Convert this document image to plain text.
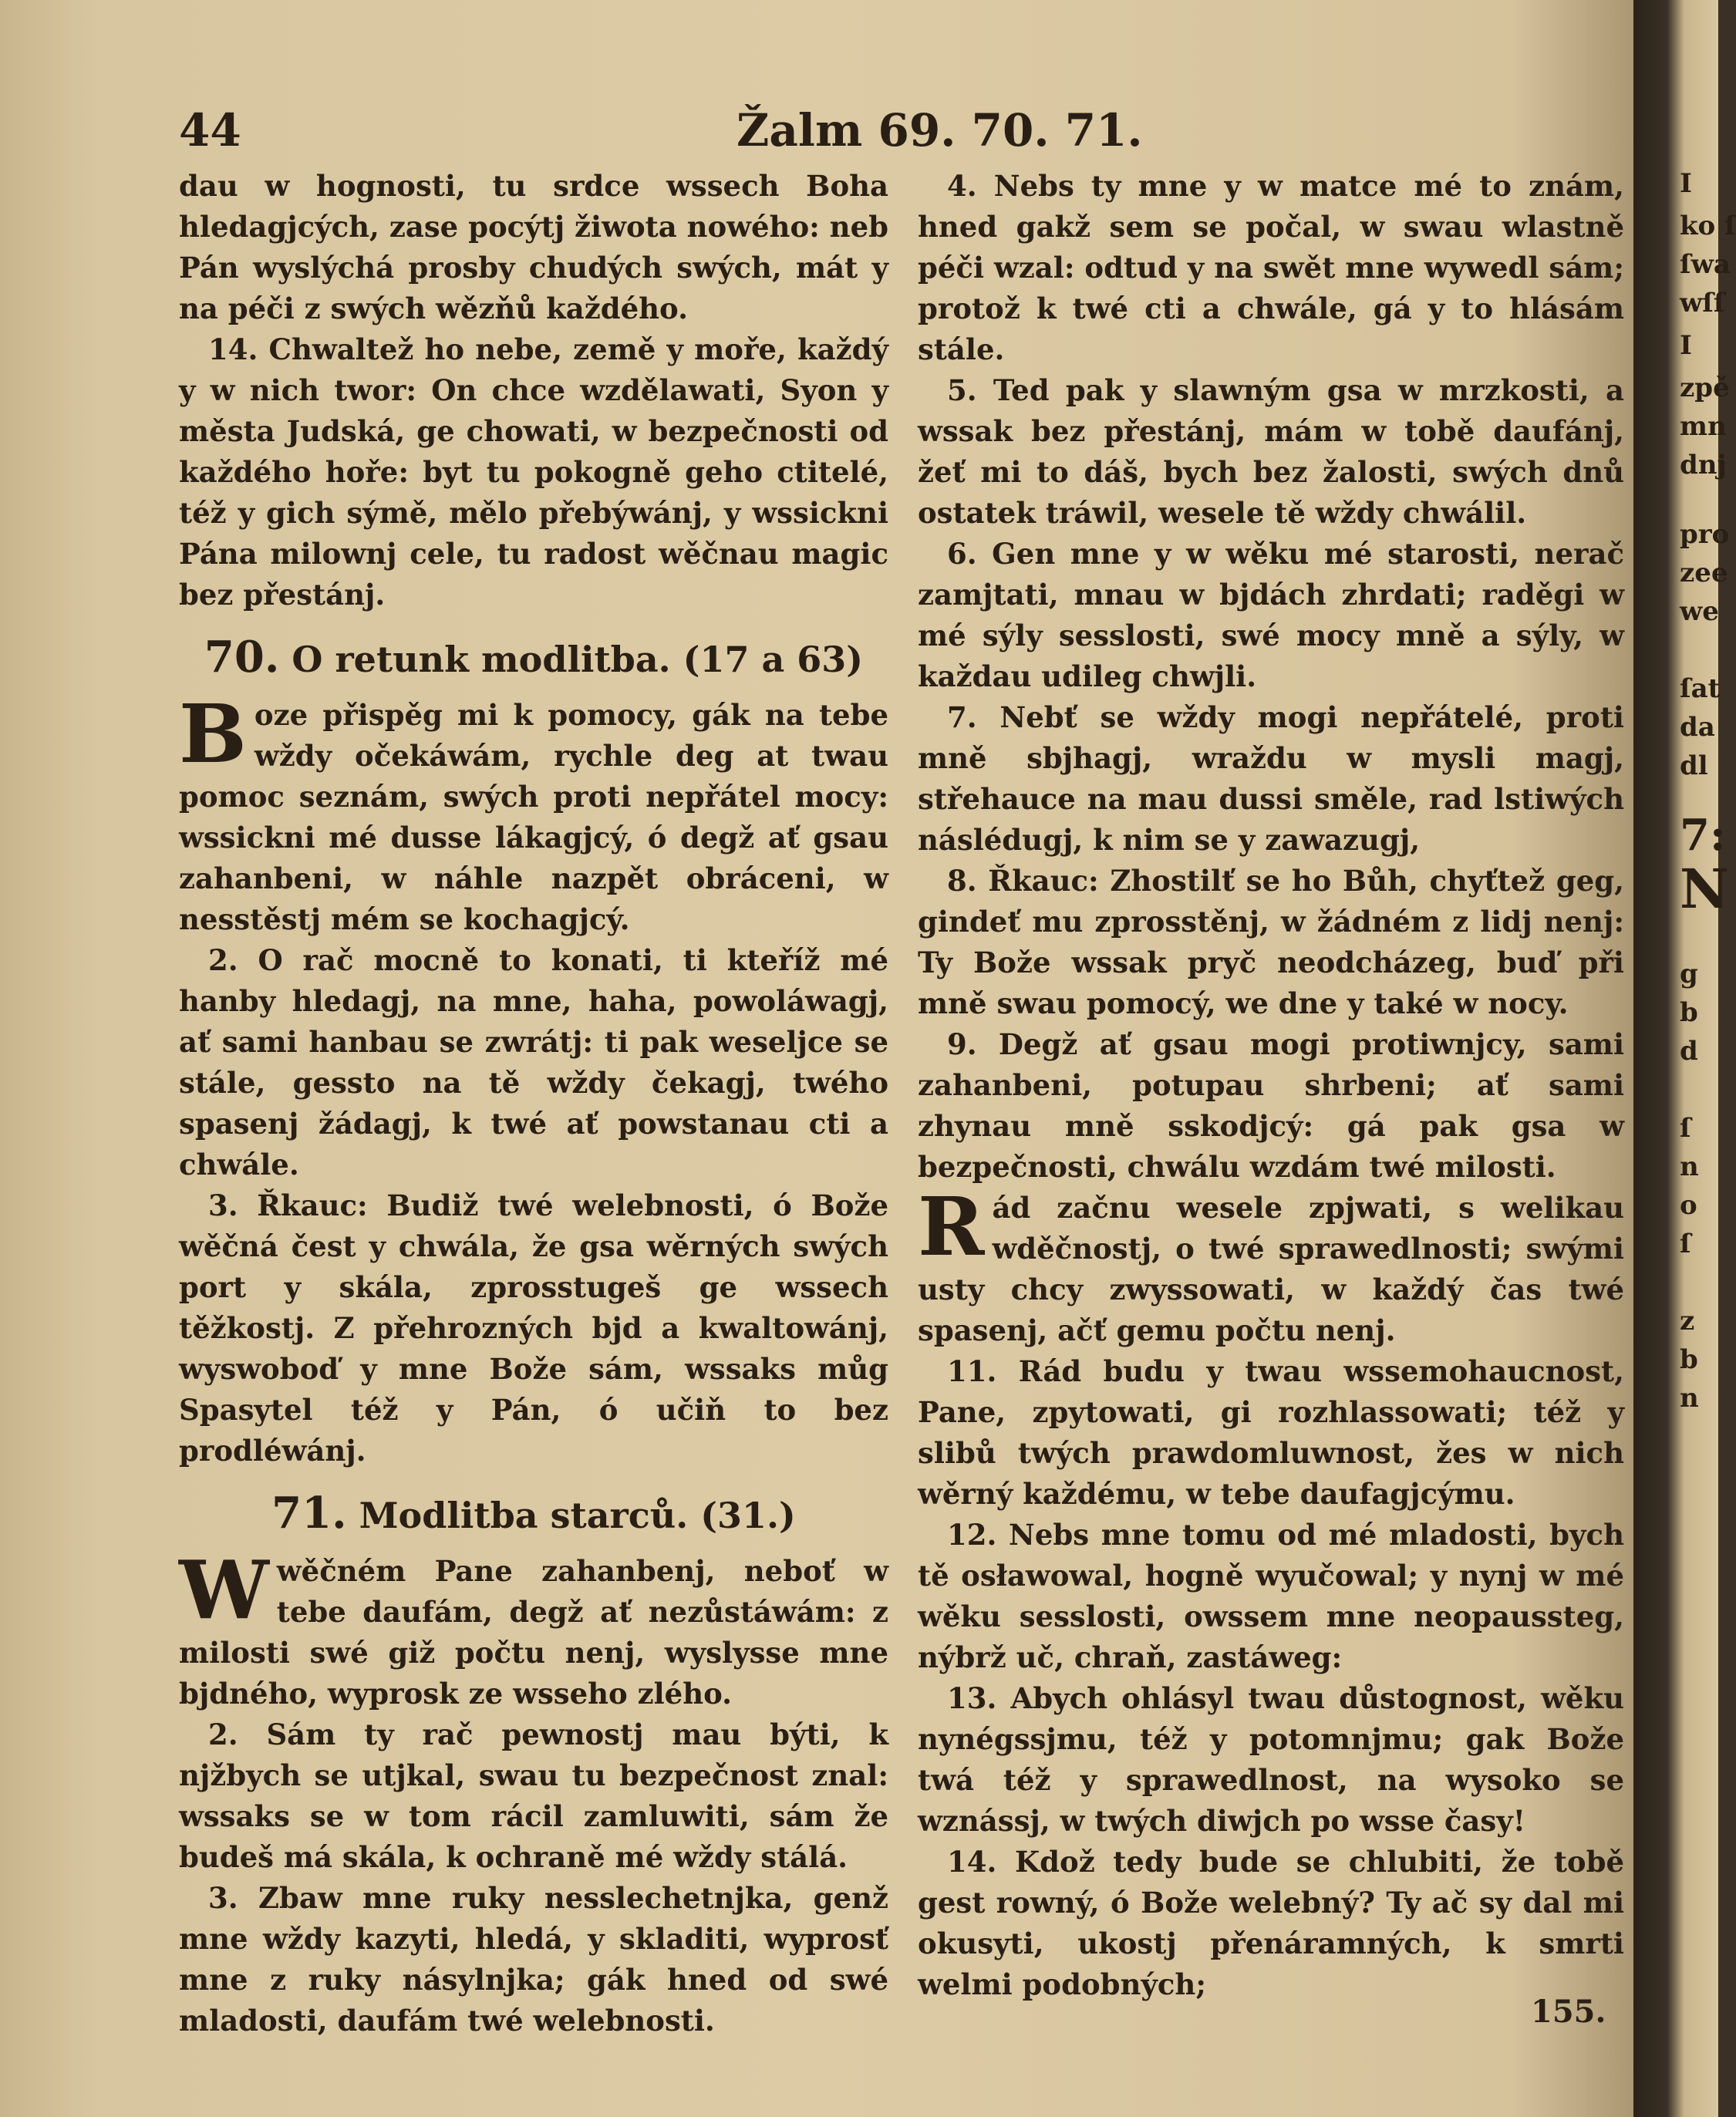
44	Žalm 69. 70. 71.

dau w hognosti, tu srdce wssech Boha hledagjcých, zase pocýtj žiwota nowého: neb Pán wyslýchá prosby chudých swých, mát y na péči z swých wězňů každého.

14. Chwaltež ho nebe, země y moře, každý y w nich twor: On chce wzdělawati, Syon y města Judská, ge chowati, w bezpečnosti od každého hoře: byt tu pokogně geho ctitelé, též y gich sýmě, mělo přebýwánj, y wssickni Pána milownj cele, tu radost wěčnau magic bez přestánj.

70. O retunk modlitba. (17 a 63)

Boze přispěg mi k pomocy, gák na tebe wždy očekáwám, rychle deg at twau pomoc seznám, swých proti nepřátel mocy: wssickni mé dusse lákagjcý, ó degž ať gsau zahanbeni, w náhle nazpět obráceni, w nesstěstj mém se kochagjcý.

2. O rač mocně to konati, ti kteříž mé hanby hledagj, na mne, haha, powoláwagj, ať sami hanbau se zwrátj: ti pak weseljce se stále, gessto na tě wždy čekagj, twého spasenj žádagj, k twé ať powstanau cti a chwále.

3. Řkauc: Budiž twé welebnosti, ó Bože wěčná čest y chwála, že gsa wěrných swých port y skála, zprosstugeš ge wssech těžkostj. Z přehrozných bjd a kwaltowánj, wyswoboď y mne Bože sám, wssaks můg Spasytel též y Pán, ó učiň to bez prodléwánj.

71. Modlitba starců. (31.)

Wwěčném Pane zahanbenj, neboť w tebe daufám, degž ať nezůstáwám: z milosti swé giž počtu nenj, wyslysse mne bjdného, wyprosk ze wsseho zlého.

2. Sám ty rač pewnostj mau býti, k njžbych se utjkal, swau tu bezpečnost znal: wssaks se w tom rácil zamluwiti, sám že budeš má skála, k ochraně mé wždy stálá.

3. Zbaw mne ruky nesslechetnjka, genž mne wždy kazyti, hledá, y skladiti, wyprosť mne z ruky násylnjka; gák hned od swé mladosti, daufám twé welebnosti.

4. Nebs ty mne y w matce mé to znám, hned gakž sem se počal, w swau wlastně péči wzal: odtud y na swět mne wywedl sám; protož k twé cti a chwále, gá y to hlásám stále.

5. Ted pak y slawným gsa w mrzkosti, a wssak bez přestánj, mám w tobě daufánj, žeť mi to dáš, bych bez žalosti, swých dnů ostatek tráwil, wesele tě wždy chwálil.

6. Gen mne y w wěku mé starosti, nerač zamjtati, mnau w bjdách zhrdati; raděgi w mé sýly sesslosti, swé mocy mně a sýly, w každau udileg chwjli.

7. Nebť se wždy mogi nepřátelé, proti mně sbjhagj, wraždu w mysli magj, střehauce na mau dussi směle, rad lstiwých náslédugj, k nim se y zawazugj,

8. Řkauc: Zhostilť se ho Bůh, chyťtež geg, gindeť mu zprosstěnj, w žádném z lidj nenj: Ty Bože wssak pryč neodcházeg, buď při mně swau pomocý, we dne y také w nocy.

9. Degž ať gsau mogi protiwnjcy, sami zahanbeni, potupau shrbeni; ať sami zhynau mně sskodjcý: gá pak gsa w bezpečnosti, chwálu wzdám twé milosti.

Rád začnu wesele zpjwati, s welikau wděčnostj, o twé sprawedlnosti; swými usty chcy zwyssowati, w každý čas twé spasenj, ačť gemu počtu nenj.

11. Rád budu y twau wssemohaucnost, Pane, zpytowati, gi rozhlassowati; též y slibů twých prawdomluwnost, žes w nich wěrný každému, w tebe daufagjcýmu.

12. Nebs mne tomu od mé mladosti, bych tě osławowal, hogně wyučowal; y nynj w mé wěku sesslosti, owssem mne neopaussteg, nýbrž uč, chraň, zastáweg:

13. Abych ohlásyl twau důstognost, wěku nynégssjmu, též y potomnjmu; gak Bože twá též y sprawedlnost, na wysoko se wznássj, w twých diwjch po wsse časy!

14. Kdož tedy bude se chlubiti, že tobě gest rowný, ó Bože welebný? Ty ač sy dal mi okusyti, ukostj přenáramných, k smrti welmi podobných;

155.
I
ko ſ
ſwa
wſſ
I
zpě
mn
dnj
pro
zee
we
ſat
da
dl
7:
N
g
b
d
ſ
n
o
ſ
z
b
n
